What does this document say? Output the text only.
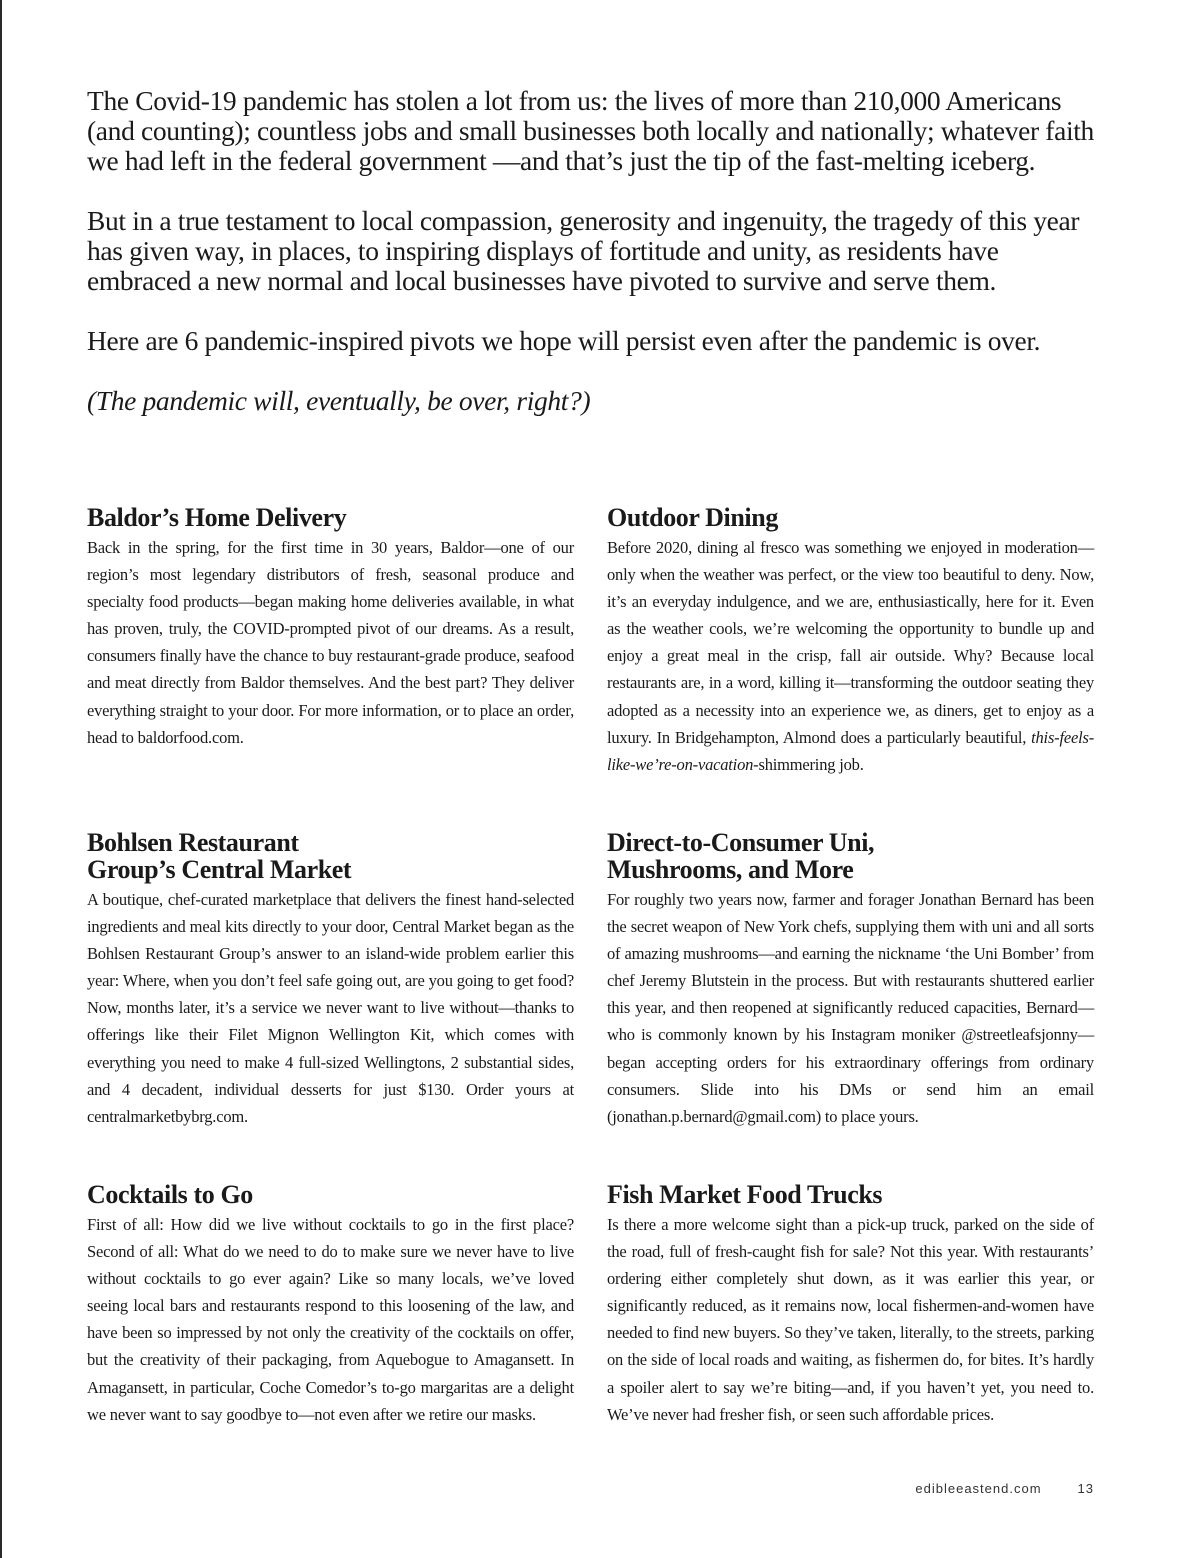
The Covid-19 pandemic has stolen a lot from us: the lives of more than 210,000 Americans (and counting); countless jobs and small businesses both locally and nationally; whatever faith we had left in the federal government —and that’s just the tip of the fast-melting iceberg.

But in a true testament to local compassion, generosity and ingenuity, the tragedy of this year has given way, in places, to inspiring displays of fortitude and unity, as residents have embraced a new normal and local businesses have pivoted to survive and serve them.

Here are 6 pandemic-inspired pivots we hope will persist even after the pandemic is over.

(The pandemic will, eventually, be over, right?)

Baldor’s Home Delivery

Back in the spring, for the first time in 30 years, Baldor—one of our region’s most legendary distributors of fresh, seasonal produce and specialty food products—began making home deliveries available, in what has proven, truly, the COVID-prompted pivot of our dreams. As a result, consumers finally have the chance to buy restaurant-grade produce, seafood and meat directly from Baldor themselves. And the best part? They deliver everything straight to your door. For more information, or to place an order, head to baldorfood.com.

Outdoor Dining

Before 2020, dining al fresco was something we enjoyed in moderation—only when the weather was perfect, or the view too beautiful to deny. Now, it’s an everyday indulgence, and we are, enthusiastically, here for it. Even as the weather cools, we’re welcoming the opportunity to bundle up and enjoy a great meal in the crisp, fall air outside. Why? Because local restaurants are, in a word, killing it—transforming the outdoor seating they adopted as a necessity into an experience we, as diners, get to enjoy as a luxury. In Bridgehampton, Almond does a particularly beautiful, this-feels-like-we’re-on-vacation-shimmering job.

Bohlsen Restaurant
Group’s Central Market

A boutique, chef-curated marketplace that delivers the finest hand-selected ingredients and meal kits directly to your door, Central Market began as the Bohlsen Restaurant Group’s answer to an island-wide problem earlier this year: Where, when you don’t feel safe going out, are you going to get food? Now, months later, it’s a service we never want to live without—thanks to offerings like their Filet Mignon Wellington Kit, which comes with everything you need to make 4 full-sized Wellingtons, 2 substantial sides, and 4 decadent, individual desserts for just $130. Order yours at centralmarketbybrg.com.

Direct-to-Consumer Uni,
Mushrooms, and More

For roughly two years now, farmer and forager Jonathan Bernard has been the secret weapon of New York chefs, supplying them with uni and all sorts of amazing mushrooms—and earning the nickname ‘the Uni Bomber’ from chef Jeremy Blutstein in the process. But with restaurants shuttered earlier this year, and then reopened at significantly reduced capacities, Bernard—who is commonly known by his Instagram moniker @streetleafsjonny—began accepting orders for his extraordinary offerings from ordinary consumers. Slide into his DMs or send him an email (jonathan.p.bernard@gmail.com) to place yours.

Cocktails to Go

First of all: How did we live without cocktails to go in the first place? Second of all: What do we need to do to make sure we never have to live without cocktails to go ever again? Like so many locals, we’ve loved seeing local bars and restaurants respond to this loosening of the law, and have been so impressed by not only the creativity of the cocktails on offer, but the creativity of their packaging, from Aquebogue to Amagansett. In Amagansett, in particular, Coche Comedor’s to-go margaritas are a delight we never want to say goodbye to—not even after we retire our masks.

Fish Market Food Trucks

Is there a more welcome sight than a pick-up truck, parked on the side of the road, full of fresh-caught fish for sale? Not this year. With restaurants’ ordering either completely shut down, as it was earlier this year, or significantly reduced, as it remains now, local fishermen-and-women have needed to find new buyers. So they’ve taken, literally, to the streets, parking on the side of local roads and waiting, as fishermen do, for bites. It’s hardly a spoiler alert to say we’re biting—and, if you haven’t yet, you need to. We’ve never had fresher fish, or seen such affordable prices.

edibleeastend.com	13
